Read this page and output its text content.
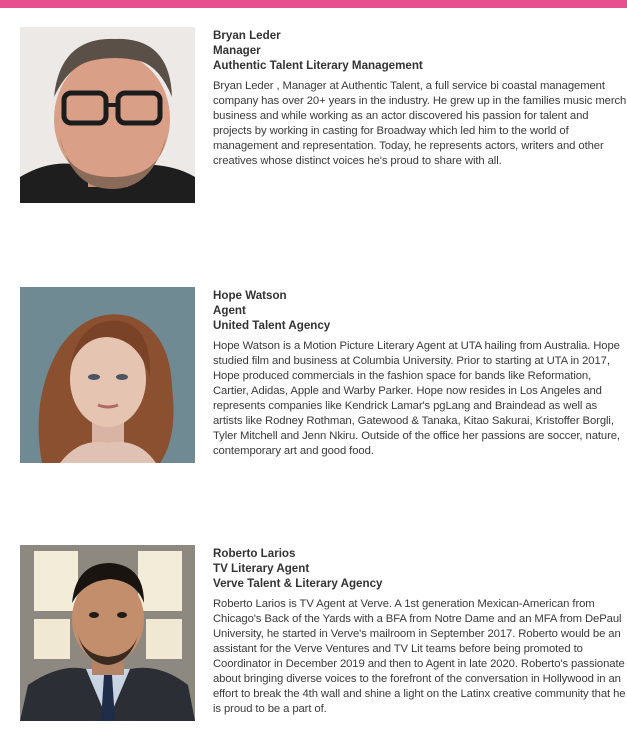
Bryan Leder
Manager
Authentic Talent Literary Management
Bryan Leder , Manager at Authentic Talent, a full service bi coastal management company has over 20+ years in the industry. He grew up in the families music merch business and while working as an actor discovered his passion for talent and projects by working in casting for Broadway which led him to the world of management and representation. Today, he represents actors, writers and other creatives whose distinct voices he's proud to share with all.
Hope Watson
Agent
United Talent Agency
Hope Watson is a Motion Picture Literary Agent at UTA hailing from Australia. Hope studied film and business at Columbia University. Prior to starting at UTA in 2017, Hope produced commercials in the fashion space for bands like Reformation, Cartier, Adidas, Apple and Warby Parker. Hope now resides in Los Angeles and represents companies like Kendrick Lamar's pgLang and Braindead as well as artists like Rodney Rothman, Gatewood & Tanaka, Kitao Sakurai, Kristoffer Borgli, Tyler Mitchell and Jenn Nkiru. Outside of the office her passions are soccer, nature, contemporary art and good food.
Roberto Larios
TV Literary Agent
Verve Talent & Literary Agency
Roberto Larios is TV Agent at Verve. A 1st generation Mexican-American from Chicago's Back of the Yards with a BFA from Notre Dame and an MFA from DePaul University, he started in Verve's mailroom in September 2017. Roberto would be an assistant for the Verve Ventures and TV Lit teams before being promoted to Coordinator in December 2019 and then to Agent in late 2020. Roberto's passionate about bringing diverse voices to the forefront of the conversation in Hollywood in an effort to break the 4th wall and shine a light on the Latinx creative community that he is proud to be a part of.
